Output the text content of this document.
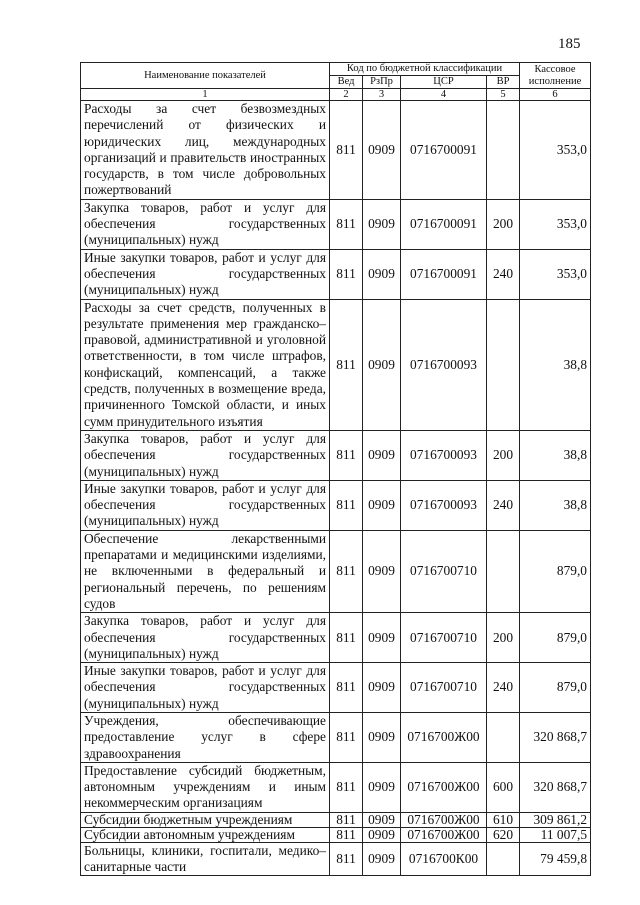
185
Наименование показателей	Код по бюджетной классификации				Кассовое исполнение
	Вед	РзПр	ЦСР	ВР	
1	2	3	4	5	6
Расходы за счет безвозмездных перечислений от физических и юридических лиц, международных организаций и правительств иностранных государств, в том числе добровольных пожертвований	811	0909	0716700091		353,0
Закупка товаров, работ и услуг для обеспечения государственных (муниципальных) нужд	811	0909	0716700091	200	353,0
Иные закупки товаров, работ и услуг для обеспечения государственных (муниципальных) нужд	811	0909	0716700091	240	353,0
Расходы за счет средств, полученных в результате применения мер гражданско–правовой, административной и уголовной ответственности, в том числе штрафов, конфискаций, компенсаций, а также средств, полученных в возмещение вреда, причиненного Томской области, и иных сумм принудительного изъятия	811	0909	0716700093		38,8
Закупка товаров, работ и услуг для обеспечения государственных (муниципальных) нужд	811	0909	0716700093	200	38,8
Иные закупки товаров, работ и услуг для обеспечения государственных (муниципальных) нужд	811	0909	0716700093	240	38,8
Обеспечение лекарственными препаратами и медицинскими изделиями, не включенными в федеральный и региональный перечень, по решениям судов	811	0909	0716700710		879,0
Закупка товаров, работ и услуг для обеспечения государственных (муниципальных) нужд	811	0909	0716700710	200	879,0
Иные закупки товаров, работ и услуг для обеспечения государственных (муниципальных) нужд	811	0909	0716700710	240	879,0
Учреждения, обеспечивающие предоставление услуг в сфере здравоохранения	811	0909	0716700Ж00		320 868,7
Предоставление субсидий бюджетным, автономным учреждениям и иным некоммерческим организациям	811	0909	0716700Ж00	600	320 868,7
Субсидии бюджетным учреждениям	811	0909	0716700Ж00	610	309 861,2
Субсидии автономным учреждениям	811	0909	0716700Ж00	620	11 007,5
Больницы, клиники, госпитали, медико–санитарные части	811	0909	0716700К00		79 459,8
